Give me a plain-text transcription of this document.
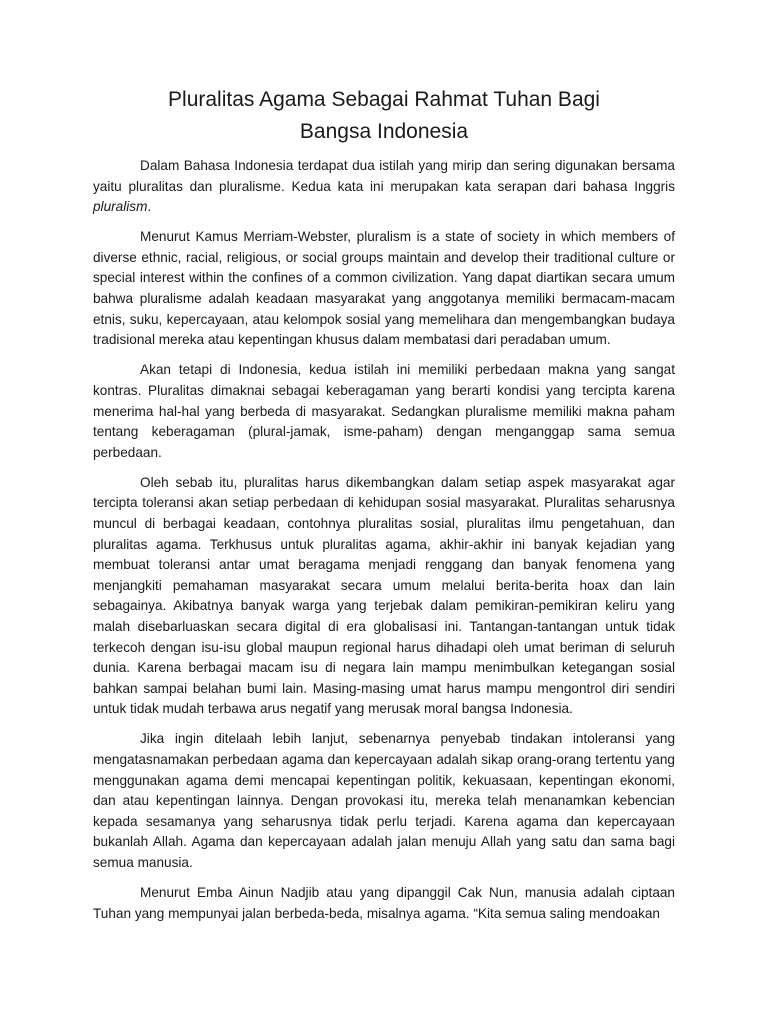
Pluralitas Agama Sebagai Rahmat Tuhan Bagi
Bangsa Indonesia

Dalam Bahasa Indonesia terdapat dua istilah yang mirip dan sering digunakan bersama yaitu pluralitas dan pluralisme. Kedua kata ini merupakan kata serapan dari bahasa Inggris pluralism.

Menurut Kamus Merriam-Webster, pluralism is a state of society in which members of diverse ethnic, racial, religious, or social groups maintain and develop their traditional culture or special interest within the confines of a common civilization. Yang dapat diartikan secara umum bahwa pluralisme adalah keadaan masyarakat yang anggotanya memiliki bermacam-macam etnis, suku, kepercayaan, atau kelompok sosial yang memelihara dan mengembangkan budaya tradisional mereka atau kepentingan khusus dalam membatasi dari peradaban umum.

Akan tetapi di Indonesia, kedua istilah ini memiliki perbedaan makna yang sangat kontras. Pluralitas dimaknai sebagai keberagaman yang berarti kondisi yang tercipta karena menerima hal-hal yang berbeda di masyarakat. Sedangkan pluralisme memiliki makna paham tentang keberagaman (plural-jamak, isme-paham) dengan menganggap sama semua perbedaan.

Oleh sebab itu, pluralitas harus dikembangkan dalam setiap aspek masyarakat agar tercipta toleransi akan setiap perbedaan di kehidupan sosial masyarakat. Pluralitas seharusnya muncul di berbagai keadaan, contohnya pluralitas sosial, pluralitas ilmu pengetahuan, dan pluralitas agama. Terkhusus untuk pluralitas agama, akhir-akhir ini banyak kejadian yang membuat toleransi antar umat beragama menjadi renggang dan banyak fenomena yang menjangkiti pemahaman masyarakat secara umum melalui berita-berita hoax dan lain sebagainya. Akibatnya banyak warga yang terjebak dalam pemikiran-pemikiran keliru yang malah disebarluaskan secara digital di era globalisasi ini. Tantangan-tantangan untuk tidak terkecoh dengan isu-isu global maupun regional harus dihadapi oleh umat beriman di seluruh dunia. Karena berbagai macam isu di negara lain mampu menimbulkan ketegangan sosial bahkan sampai belahan bumi lain. Masing-masing umat harus mampu mengontrol diri sendiri untuk tidak mudah terbawa arus negatif yang merusak moral bangsa Indonesia.

Jika ingin ditelaah lebih lanjut, sebenarnya penyebab tindakan intoleransi yang mengatasnamakan perbedaan agama dan kepercayaan adalah sikap orang-orang tertentu yang menggunakan agama demi mencapai kepentingan politik, kekuasaan, kepentingan ekonomi, dan atau kepentingan lainnya. Dengan provokasi itu, mereka telah menanamkan kebencian kepada sesamanya yang seharusnya tidak perlu terjadi. Karena agama dan kepercayaan bukanlah Allah. Agama dan kepercayaan adalah jalan menuju Allah yang satu dan sama bagi semua manusia.

Menurut Emba Ainun Nadjib atau yang dipanggil Cak Nun, manusia adalah ciptaan Tuhan yang mempunyai jalan berbeda-beda, misalnya agama. “Kita semua saling mendoakan
